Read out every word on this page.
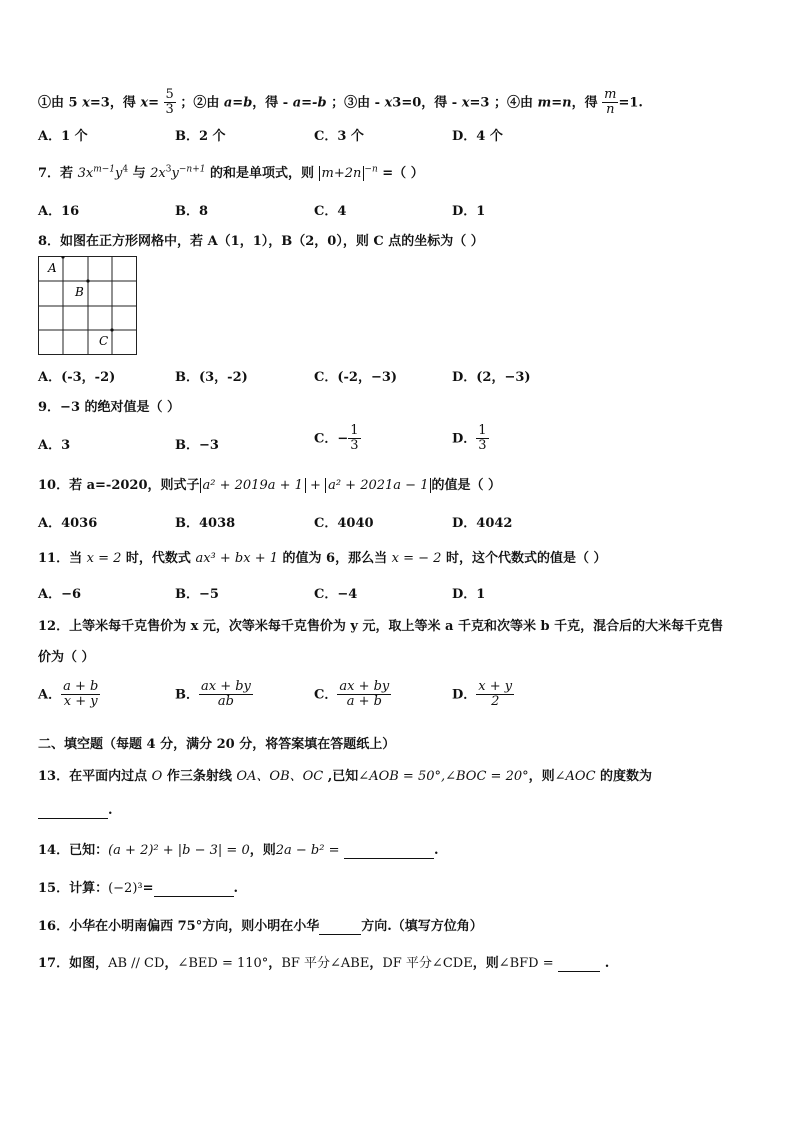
①由 5 x=3，得 $x= \frac{5}{3}$ ；②由 a=b，得 - a=-b ；③由 - x3=0，得 - x=3 ；④由 m=n，得 $\frac{m}{n} =1$.
A．1 个	B．2 个	C．3 个	D．4 个
7．若 $3x^{m-1}y^4$ 与 $2x^3y^{-n+1}$ 的和是单项式，则 m+2n $^{-n}$ =（ ）
A．16	B．8	C．4	D．1
8．如图在正方形网格中，若 A（1，1），B（2，0），则 C 点的坐标为（ ）
A
B
C
A．(-3，-2)	B．(3，-2)	C．(-2，−3)	D．(2，−3)
9．−3 的绝对值是（ ）
A．3	B．−3	C．− $\frac{1}{3}$	D． $\frac{1}{3}$
10．若 a=-2020，则式子 a² + 2019a + 1 + a² + 2021a − 1 的值是（ ）
A．4036	B．4038	C．4040	D．4042
11．当 x = 2 时，代数式 ax³ + bx + 1 的值为 6，那么当 x = − 2 时，这个代数式的值是（ ）
A．−6	B．−5	C．−4	D．1
12．上等米每千克售价为 x 元，次等米每千克售价为 y 元，取上等米 a 千克和次等米 b 千克，混合后的大米每千克售
价为（ ）
A． $\frac{a + b}{x + y}$	B． $\frac{ax + by}{ab}$	C． $\frac{ax + by}{a + b}$	D． $\frac{x + y}{2}$
二、填空题（每题 4 分，满分 20 分，将答案填在答题纸上）
13．在平面内过点 O 作三条射线 OA、OB、OC ,已知∠AOB = 50°,∠BOC = 20°，则∠AOC 的度数为
.
14．已知：(a + 2)² + |b − 3| = 0，则2a − b² =	.
15．计算：(−2)³=	.
16．小华在小明南偏西 75°方向，则小明在小华	方向.（填写方位角）
17．如图，AB // CD，∠BED = 110°，BF 平分∠ABE，DF 平分∠CDE，则∠BFD =	.
